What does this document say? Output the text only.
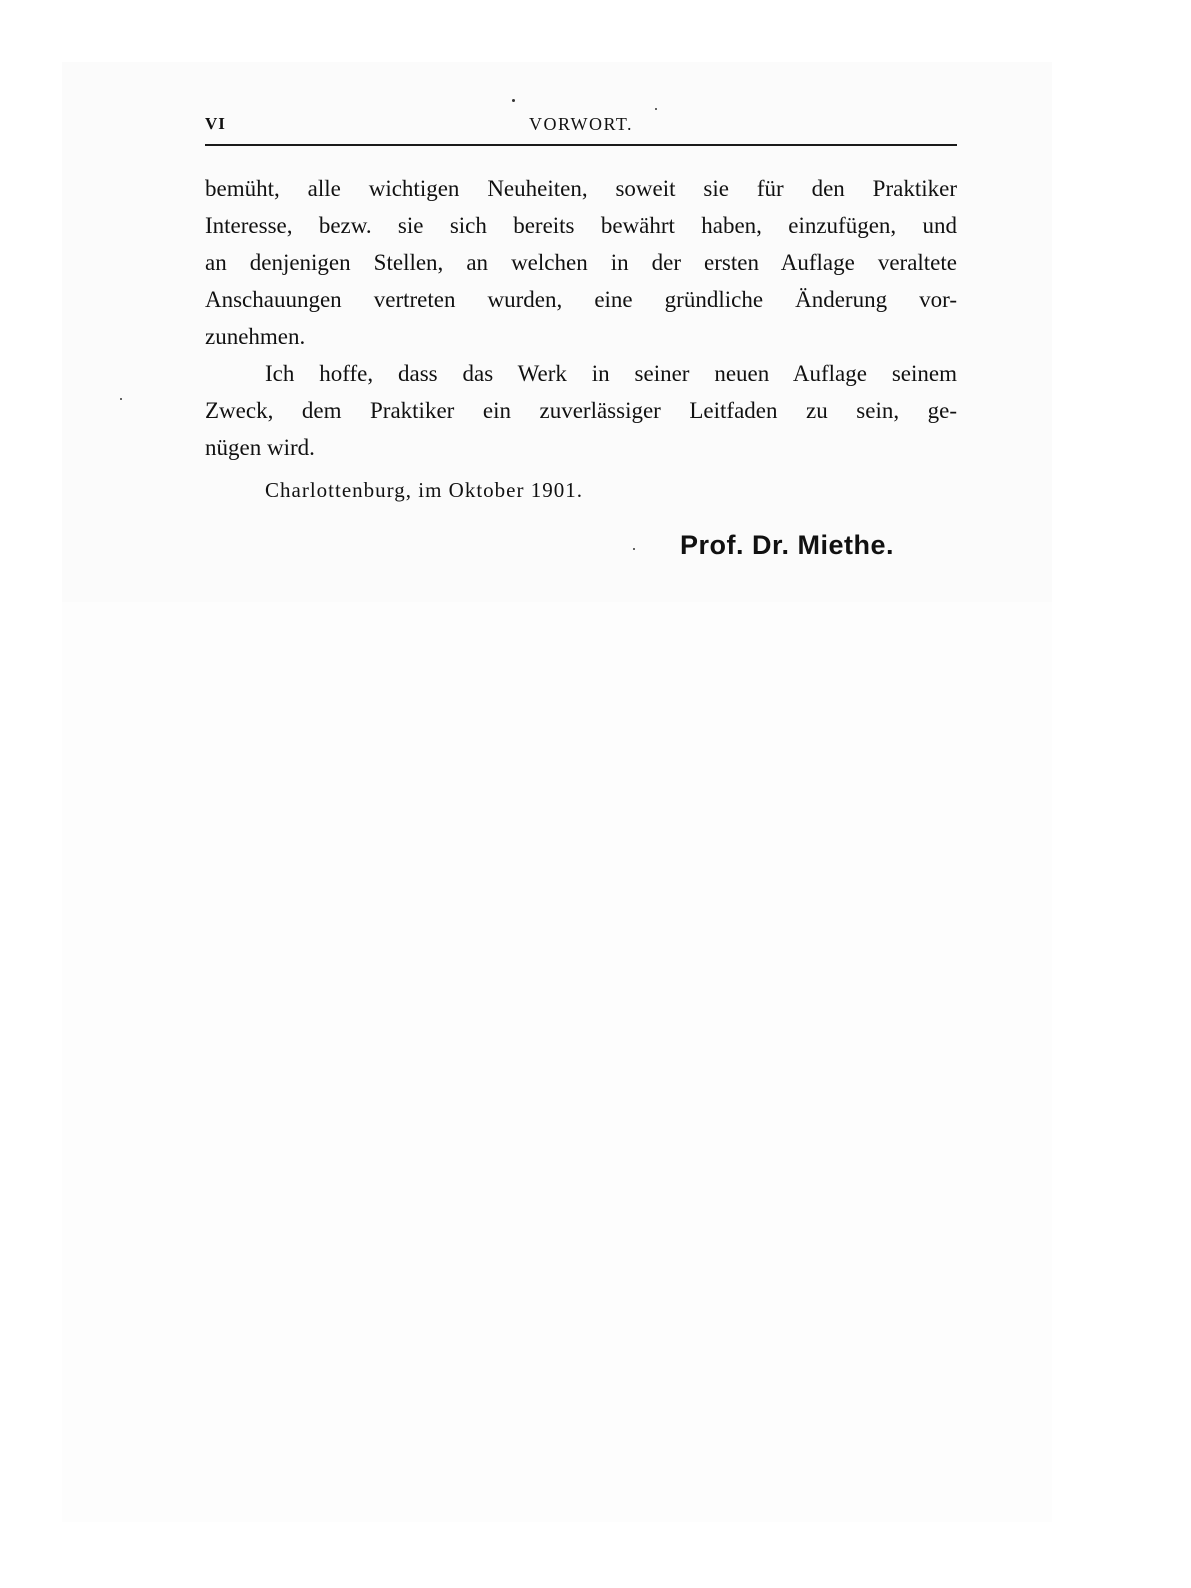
VI	VORWORT.
bemüht, alle wichtigen Neuheiten, soweit sie für den Praktiker
Interesse, bezw. sie sich bereits bewährt haben, einzufügen, und
an denjenigen Stellen, an welchen in der ersten Auflage veraltete
Anschauungen vertreten wurden, eine gründliche Änderung vor-
zunehmen.
Ich hoffe, dass das Werk in seiner neuen Auflage seinem
Zweck, dem Praktiker ein zuverlässiger Leitfaden zu sein, ge-
nügen wird.
Charlottenburg, im Oktober 1901.
Prof. Dr. Miethe.
